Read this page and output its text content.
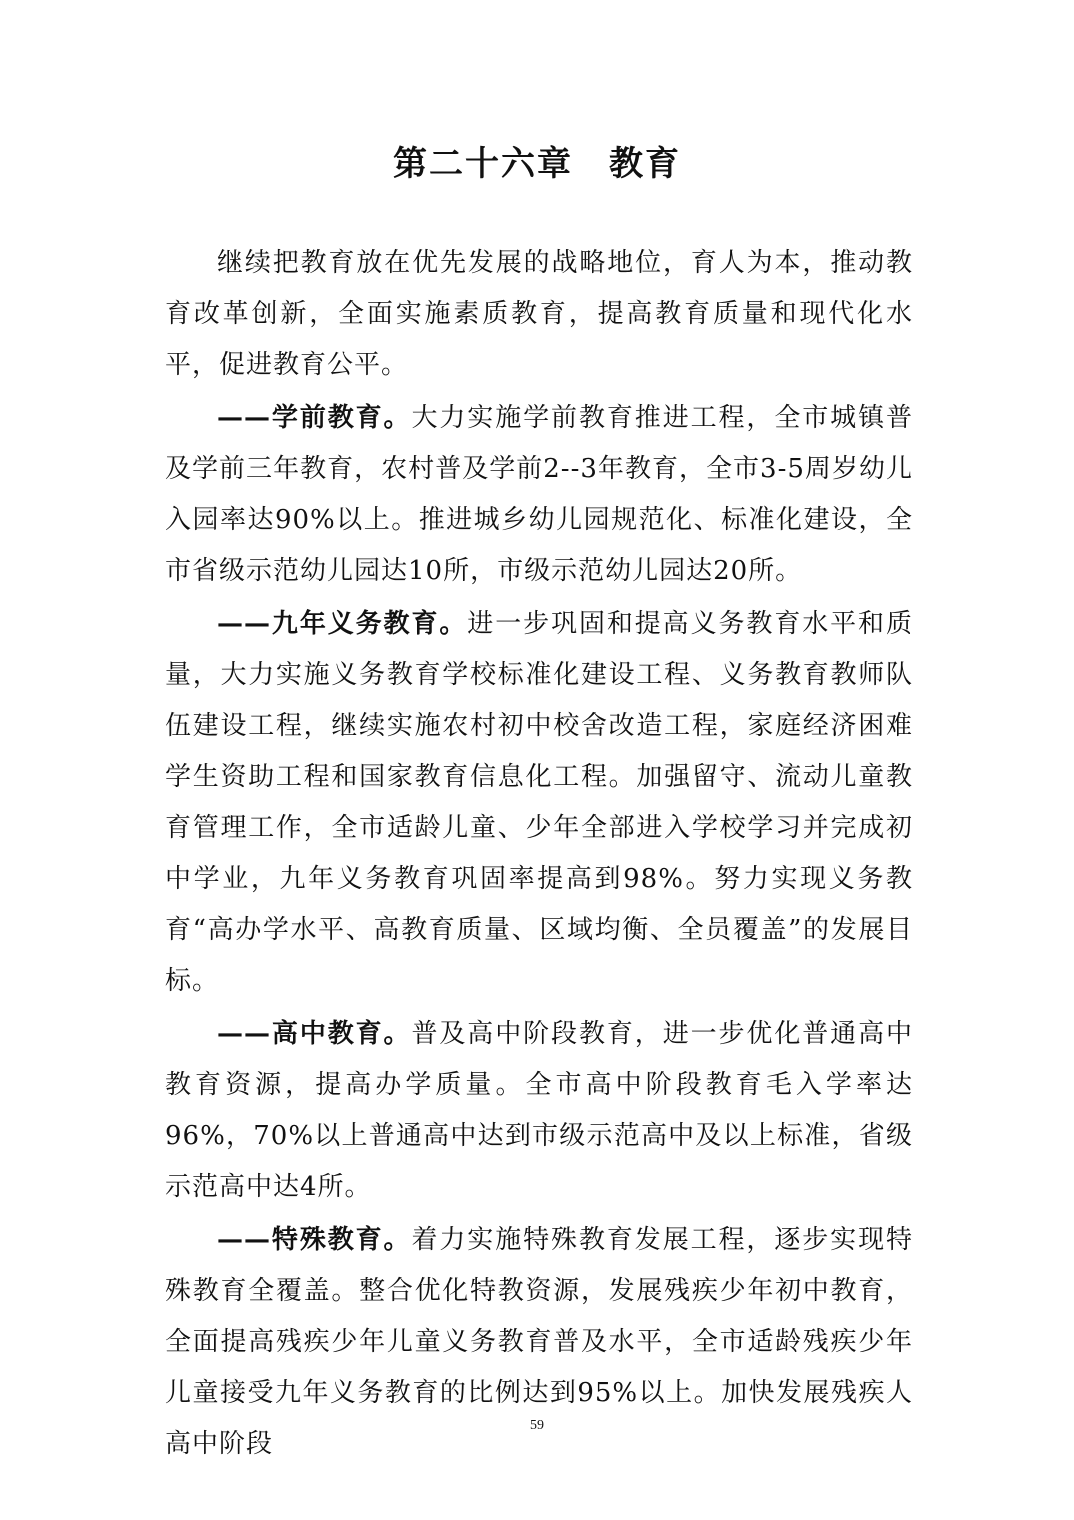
第二十六章　教育

继续把教育放在优先发展的战略地位，育人为本，推动教育改革创新，全面实施素质教育，提高教育质量和现代化水平，促进教育公平。

——学前教育。大力实施学前教育推进工程，全市城镇普及学前三年教育，农村普及学前2--3年教育，全市3-5周岁幼儿入园率达90%以上。推进城乡幼儿园规范化、标准化建设，全市省级示范幼儿园达10所，市级示范幼儿园达20所。

——九年义务教育。进一步巩固和提高义务教育水平和质量，大力实施义务教育学校标准化建设工程、义务教育教师队伍建设工程，继续实施农村初中校舍改造工程，家庭经济困难学生资助工程和国家教育信息化工程。加强留守、流动儿童教育管理工作，全市适龄儿童、少年全部进入学校学习并完成初中学业，九年义务教育巩固率提高到98%。努力实现义务教育“高办学水平、高教育质量、区域均衡、全员覆盖”的发展目标。

——高中教育。普及高中阶段教育，进一步优化普通高中教育资源，提高办学质量。全市高中阶段教育毛入学率达96%，70%以上普通高中达到市级示范高中及以上标准，省级示范高中达4所。

——特殊教育。着力实施特殊教育发展工程，逐步实现特殊教育全覆盖。整合优化特教资源，发展残疾少年初中教育，全面提高残疾少年儿童义务教育普及水平，全市适龄残疾少年儿童接受九年义务教育的比例达到95%以上。加快发展残疾人高中阶段

59
